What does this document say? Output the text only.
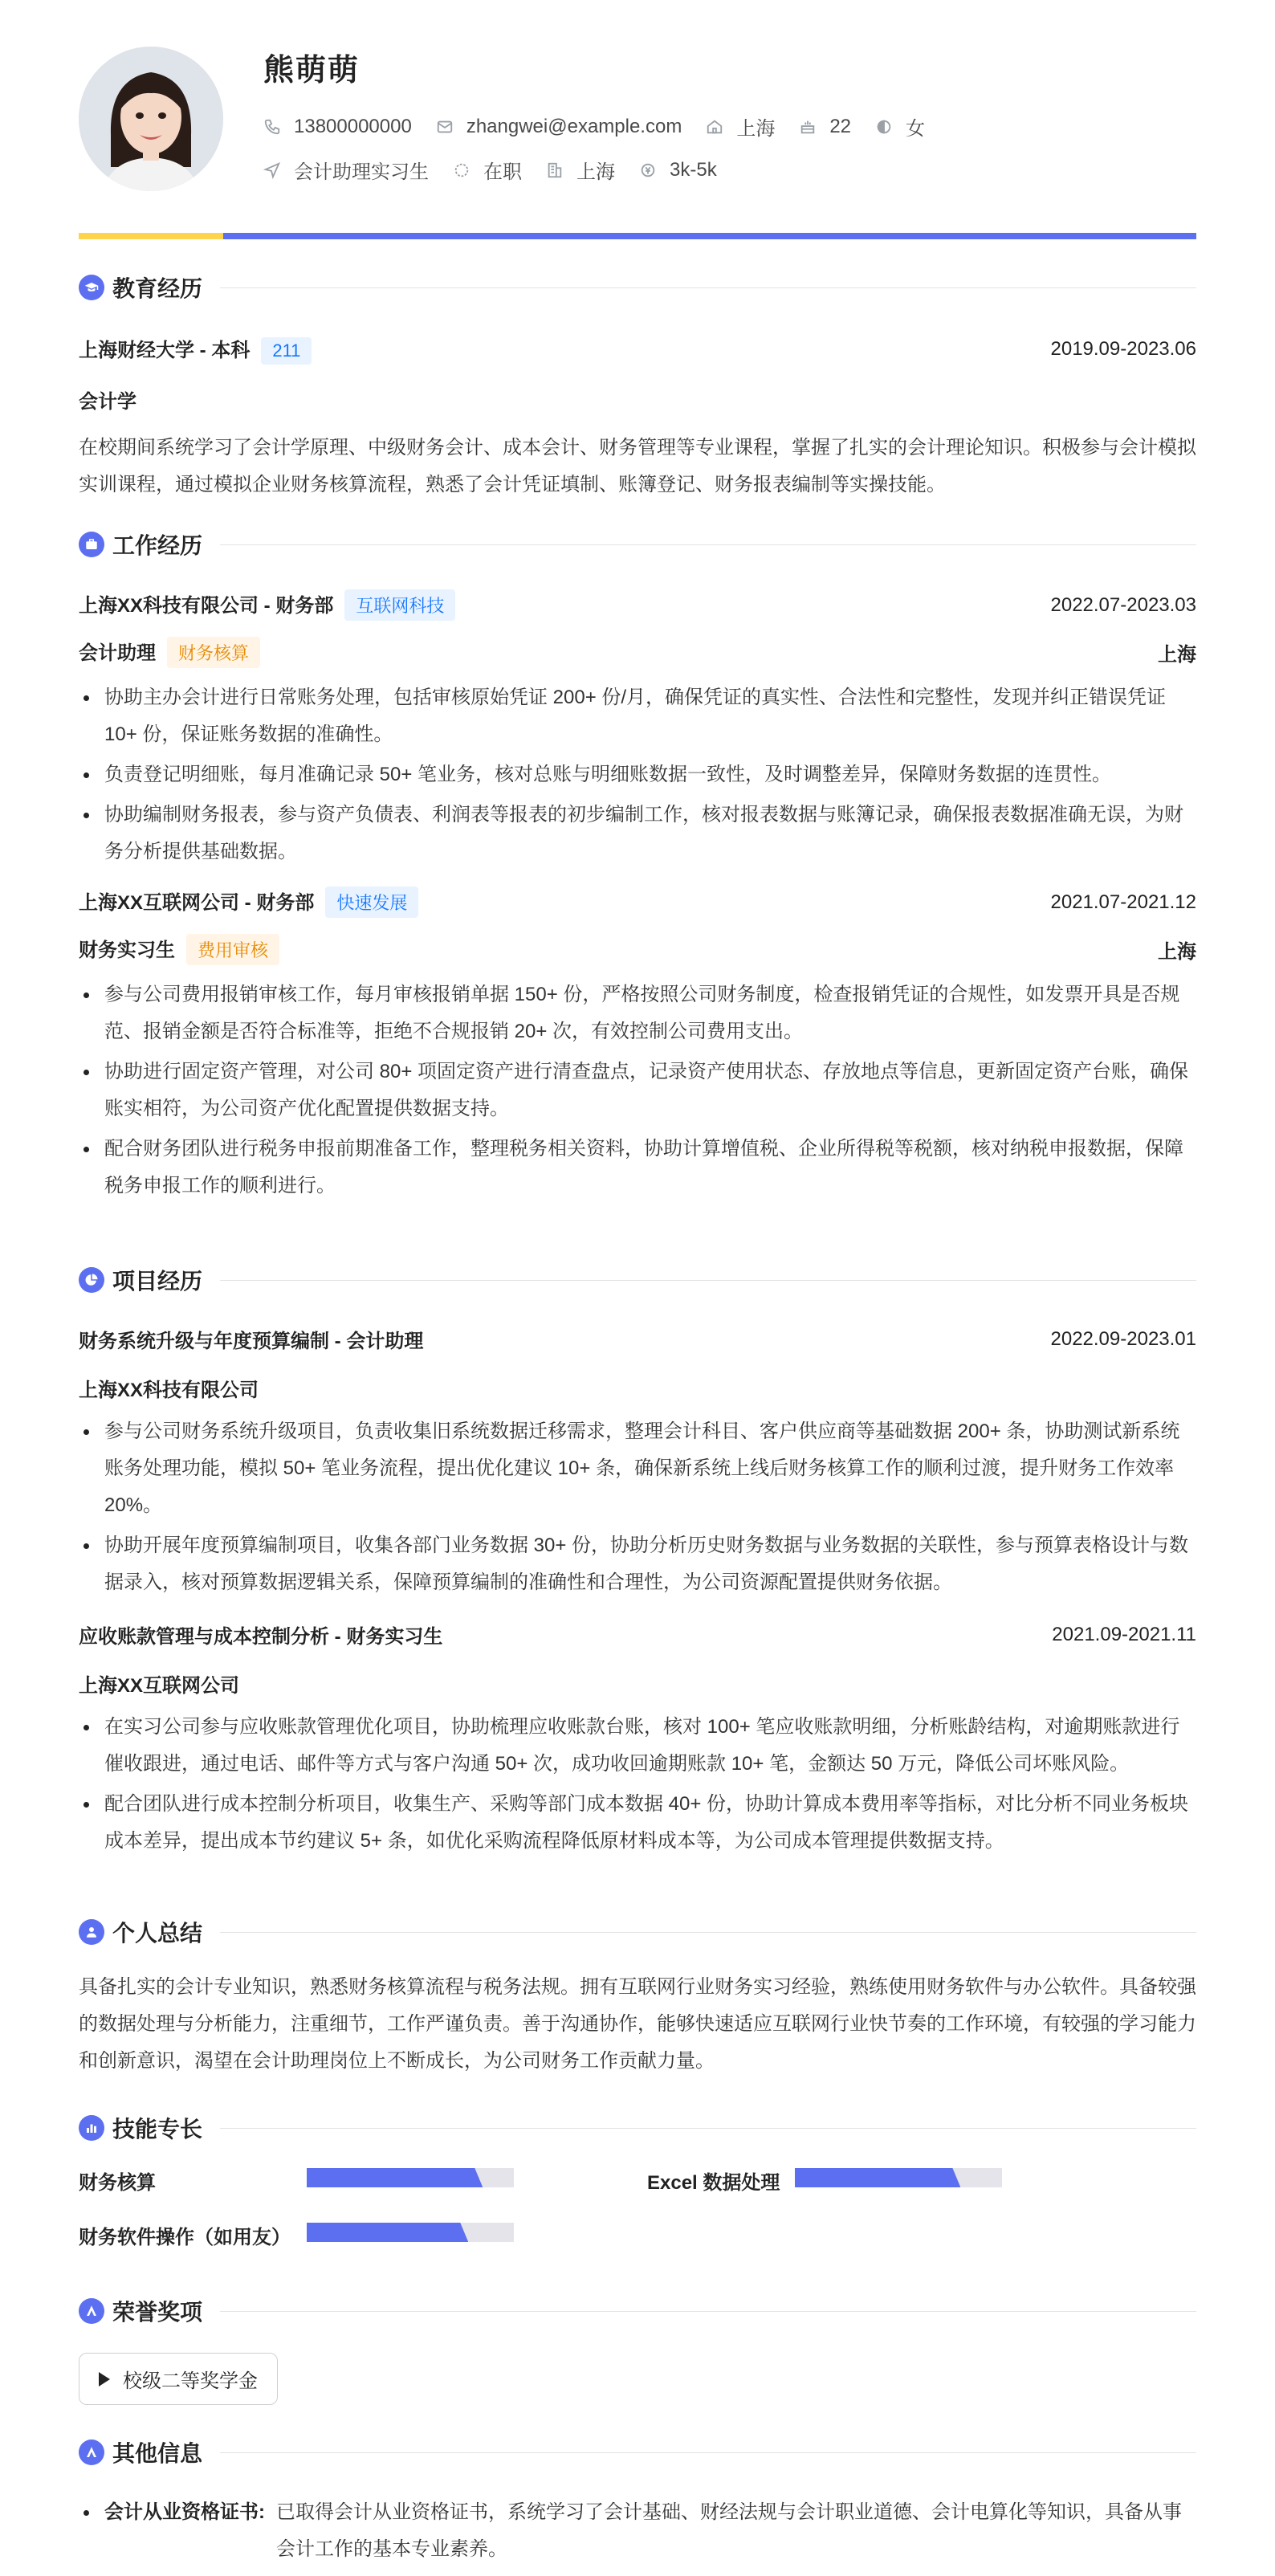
熊萌萌
13800000000	zhangwei@example.com	上海	22	女
会计助理实习生	在职	上海	3k-5k
教育经历
上海财经大学 - 本科 211	2019.09-2023.06
会计学
在校期间系统学习了会计学原理、中级财务会计、成本会计、财务管理等专业课程，掌握了扎实的会计理论知识。积极参与会计模拟实训课程，通过模拟企业财务核算流程，熟悉了会计凭证填制、账簿登记、财务报表编制等实操技能。
工作经历
上海XX科技有限公司 - 财务部 互联网科技	2022.07-2023.03
会计助理 财务核算	上海
协助主办会计进行日常账务处理，包括审核原始凭证 200+ 份/月，确保凭证的真实性、合法性和完整性，发现并纠正错误凭证 10+ 份，保证账务数据的准确性。
负责登记明细账，每月准确记录 50+ 笔业务，核对总账与明细账数据一致性，及时调整差异，保障财务数据的连贯性。
协助编制财务报表，参与资产负债表、利润表等报表的初步编制工作，核对报表数据与账簿记录，确保报表数据准确无误，为财务分析提供基础数据。
上海XX互联网公司 - 财务部 快速发展	2021.07-2021.12
财务实习生 费用审核	上海
参与公司费用报销审核工作，每月审核报销单据 150+ 份，严格按照公司财务制度，检查报销凭证的合规性，如发票开具是否规范、报销金额是否符合标准等，拒绝不合规报销 20+ 次，有效控制公司费用支出。
协助进行固定资产管理，对公司 80+ 项固定资产进行清查盘点，记录资产使用状态、存放地点等信息，更新固定资产台账，确保账实相符，为公司资产优化配置提供数据支持。
配合财务团队进行税务申报前期准备工作，整理税务相关资料，协助计算增值税、企业所得税等税额，核对纳税申报数据，保障税务申报工作的顺利进行。
项目经历
财务系统升级与年度预算编制 - 会计助理	2022.09-2023.01
上海XX科技有限公司
参与公司财务系统升级项目，负责收集旧系统数据迁移需求，整理会计科目、客户供应商等基础数据 200+ 条，协助测试新系统账务处理功能，模拟 50+ 笔业务流程，提出优化建议 10+ 条，确保新系统上线后财务核算工作的顺利过渡，提升财务工作效率 20%。
协助开展年度预算编制项目，收集各部门业务数据 30+ 份，协助分析历史财务数据与业务数据的关联性，参与预算表格设计与数据录入，核对预算数据逻辑关系，保障预算编制的准确性和合理性，为公司资源配置提供财务依据。
应收账款管理与成本控制分析 - 财务实习生	2021.09-2021.11
上海XX互联网公司
在实习公司参与应收账款管理优化项目，协助梳理应收账款台账，核对 100+ 笔应收账款明细，分析账龄结构，对逾期账款进行催收跟进，通过电话、邮件等方式与客户沟通 50+ 次，成功收回逾期账款 10+ 笔，金额达 50 万元，降低公司坏账风险。
配合团队进行成本控制分析项目，收集生产、采购等部门成本数据 40+ 份，协助计算成本费用率等指标，对比分析不同业务板块成本差异，提出成本节约建议 5+ 条，如优化采购流程降低原材料成本等，为公司成本管理提供数据支持。
个人总结
具备扎实的会计专业知识，熟悉财务核算流程与税务法规。拥有互联网行业财务实习经验，熟练使用财务软件与办公软件。具备较强的数据处理与分析能力，注重细节，工作严谨负责。善于沟通协作，能够快速适应互联网行业快节奏的工作环境，有较强的学习能力和创新意识，渴望在会计助理岗位上不断成长，为公司财务工作贡献力量。
技能专长
财务核算	Excel 数据处理
财务软件操作（如用友）
荣誉奖项
校级二等奖学金
其他信息
会计从业资格证书: 已取得会计从业资格证书，系统学习了会计基础、财经法规与会计职业道德、会计电算化等知识，具备从事会计工作的基本专业素养。
